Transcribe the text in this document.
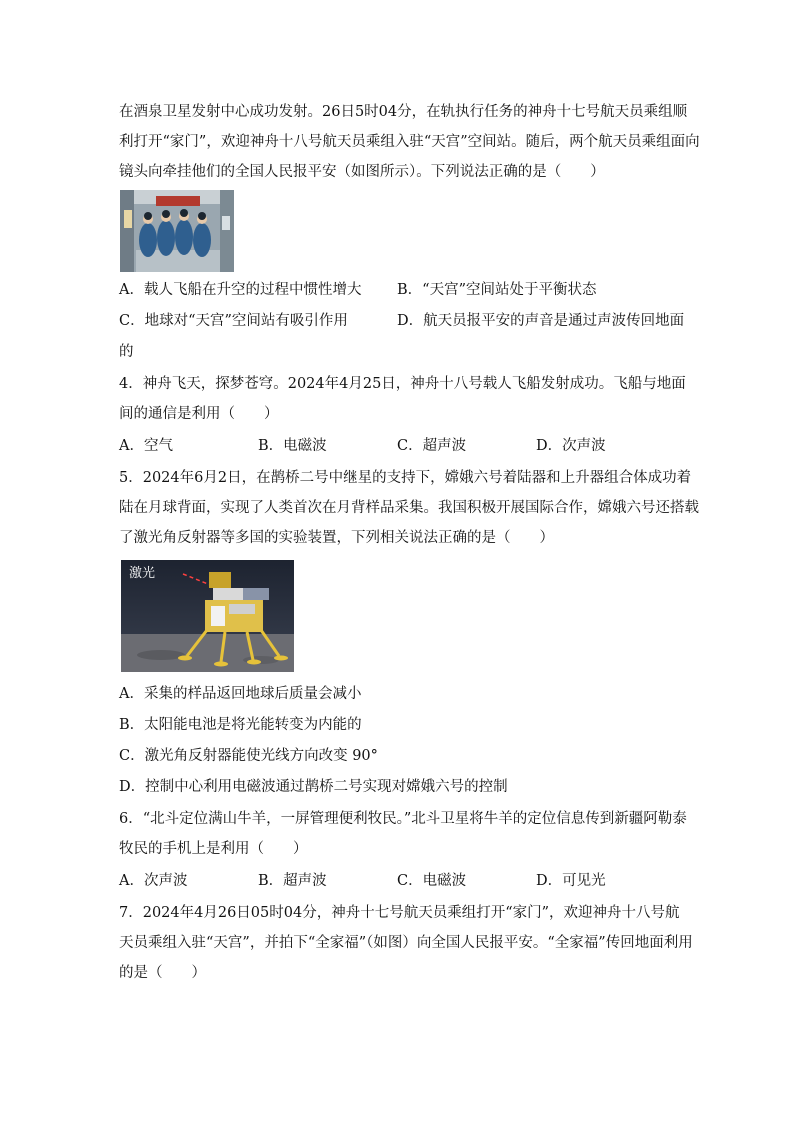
在酒泉卫星发射中心成功发射。26日5时04分，在轨执行任务的神舟十七号航天员乘组顺
利打开“家门”，欢迎神舟十八号航天员乘组入驻“天宫”空间站。随后，两个航天员乘组面向
镜头向牵挂他们的全国人民报平安（如图所示）。下列说法正确的是（　　）
A．载人飞船在升空的过程中惯性增大 B．“天宫”空间站处于平衡状态
C．地球对“天宫”空间站有吸引作用	D．航天员报平安的声音是通过声波传回地面
的
4．神舟飞天，探梦苍穹。2024年4月25日，神舟十八号载人飞船发射成功。飞船与地面
间的通信是利用（　　）
A．空气	B．电磁波	C．超声波	D．次声波
5．2024年6月2日，在鹊桥二号中继星的支持下，嫦娥六号着陆器和上升器组合体成功着
陆在月球背面，实现了人类首次在月背样品采集。我国积极开展国际合作，嫦娥六号还搭载
了激光角反射器等多国的实验装置，下列相关说法正确的是（　　）
激光
A．采集的样品返回地球后质量会减小
B．太阳能电池是将光能转变为内能的
C．激光角反射器能使光线方向改变 90°
D．控制中心利用电磁波通过鹊桥二号实现对嫦娥六号的控制
6．“北斗定位满山牛羊，一屏管理便利牧民。”北斗卫星将牛羊的定位信息传到新疆阿勒泰
牧民的手机上是利用（　　）
A．次声波	B．超声波	C．电磁波	D．可见光
7．2024年4月26日05时04分，神舟十七号航天员乘组打开“家门”，欢迎神舟十八号航
天员乘组入驻“天宫”，并拍下“全家福”（如图）向全国人民报平安。“全家福”传回地面利用
的是（　　）
